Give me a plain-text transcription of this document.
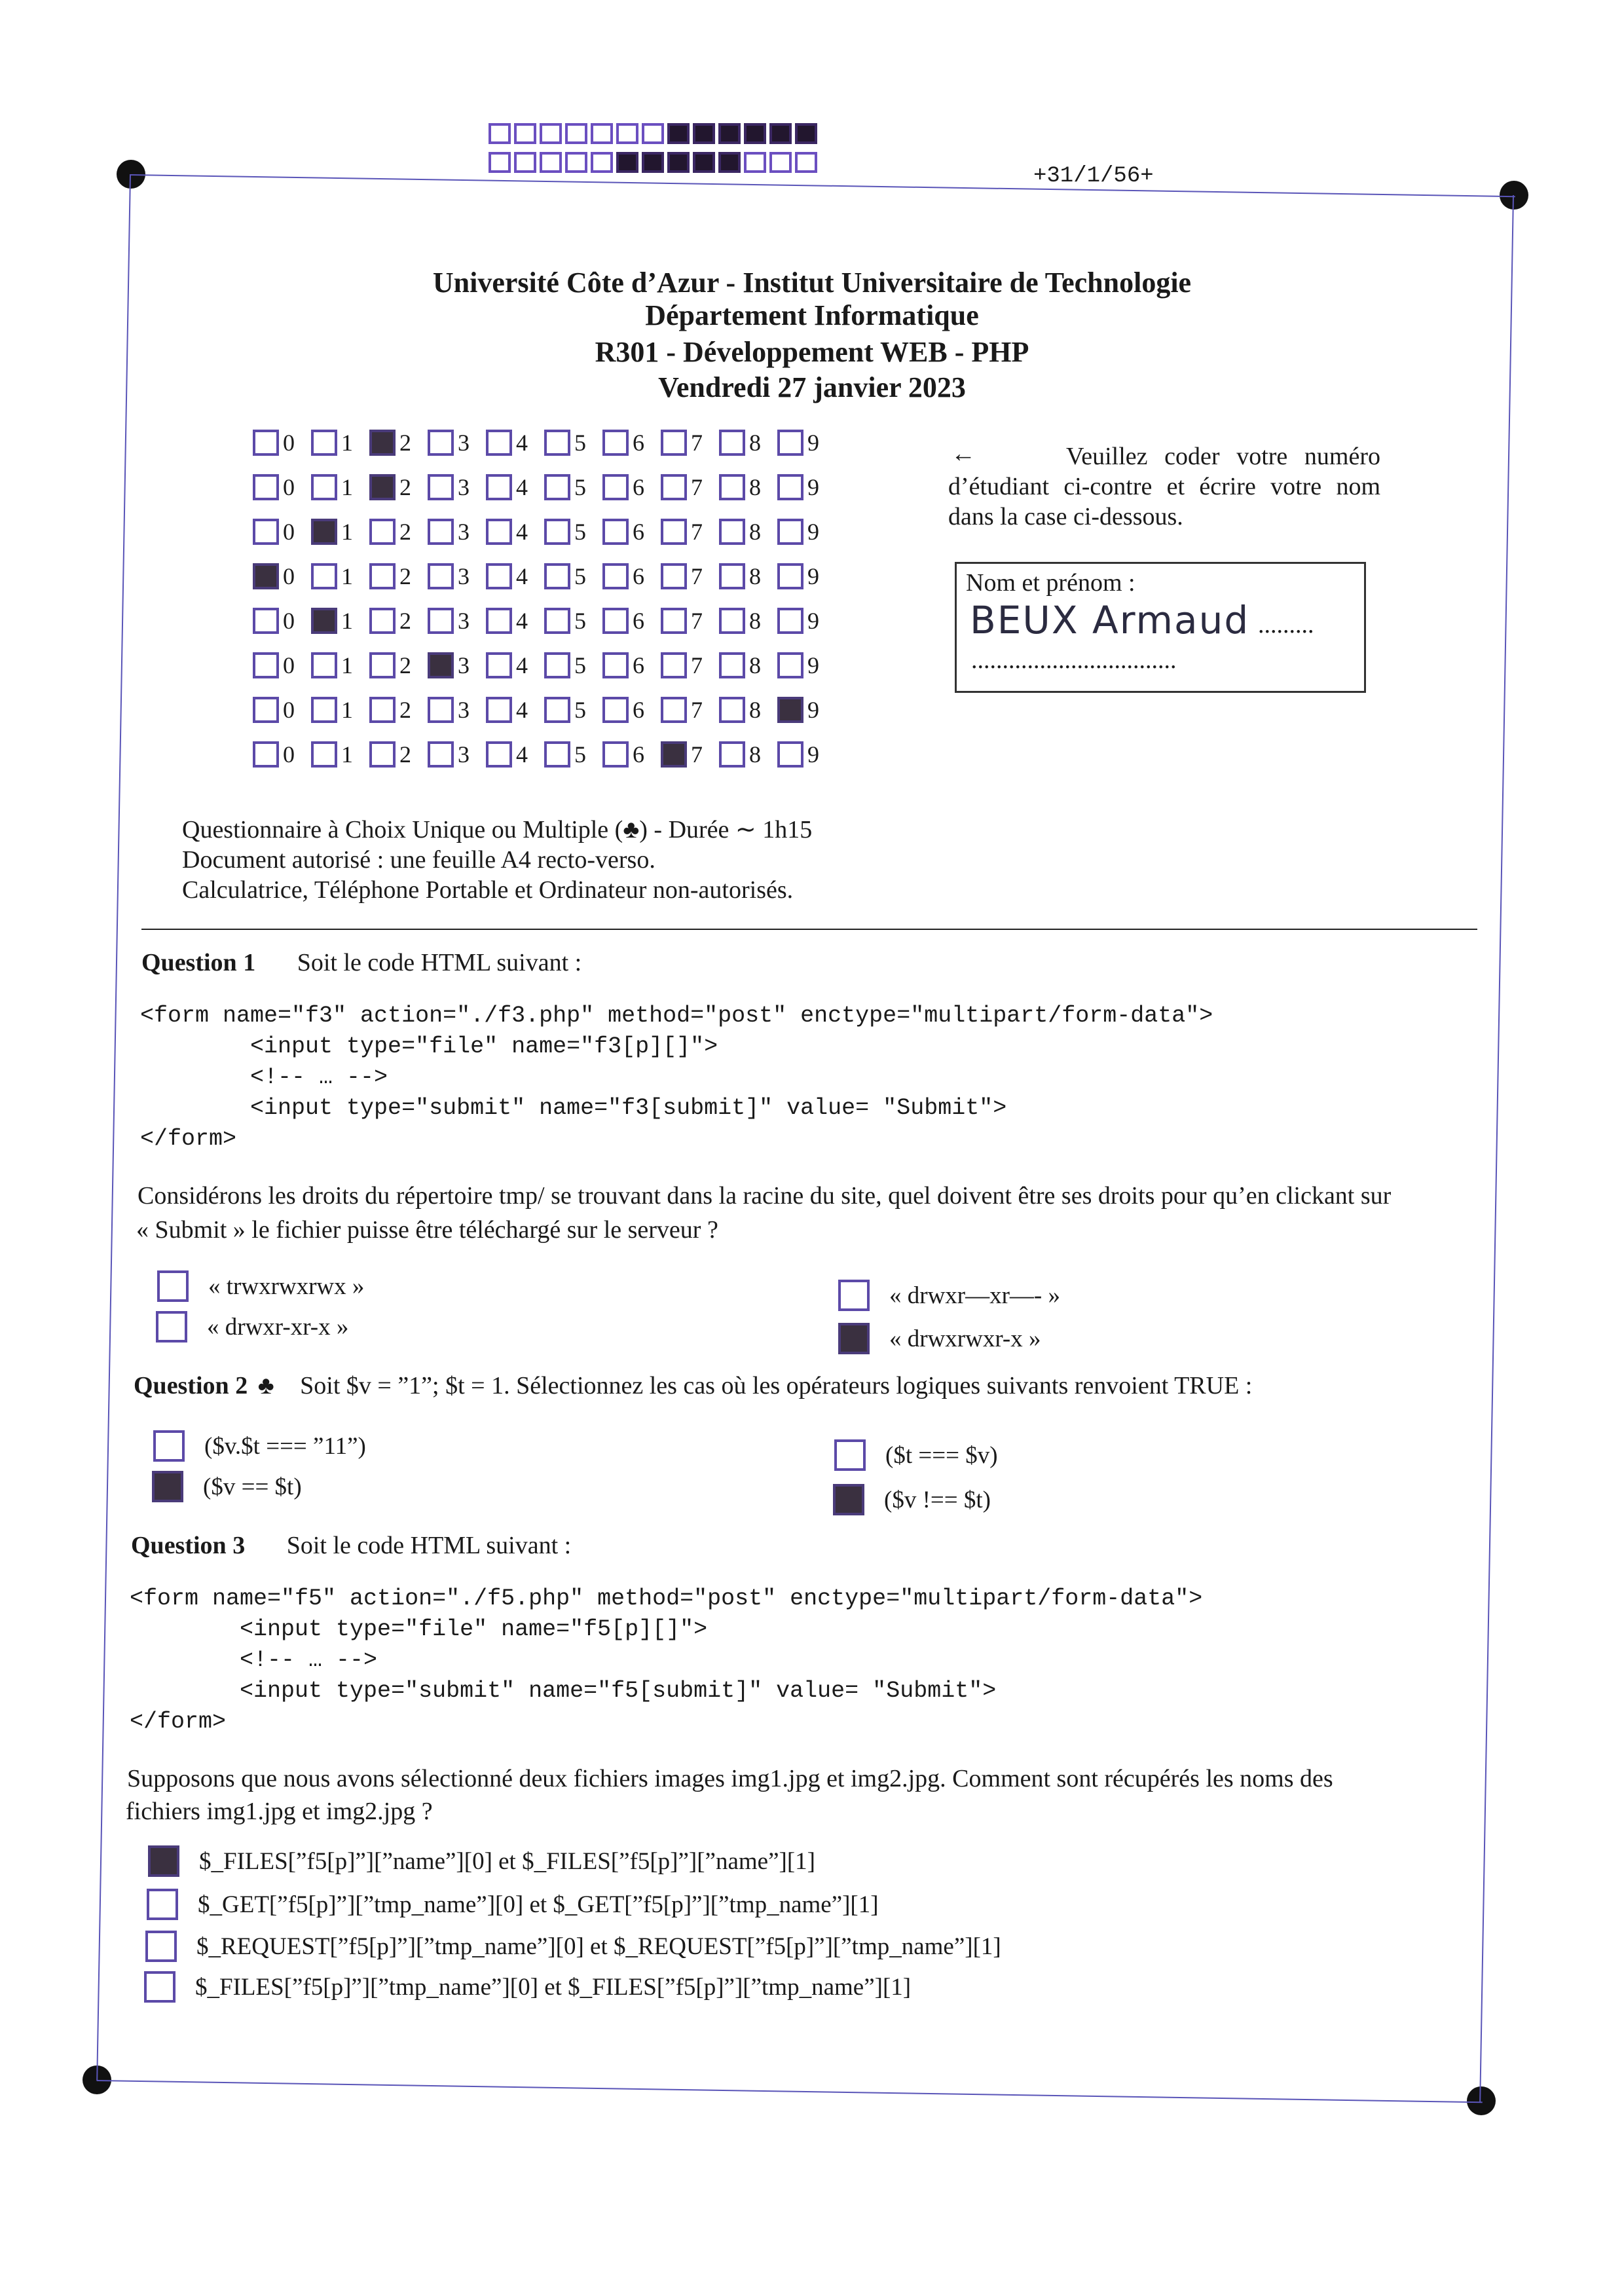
+31/1/56+
Université Côte d’Azur - Institut Universitaire de Technologie
Département Informatique
R301 - Développement WEB - PHP
Vendredi 27 janvier 2023
0 1 2 3 4 5 6 7 8 9
0 1 2 3 4 5 6 7 8 9
0 1 2 3 4 5 6 7 8 9
0 1 2 3 4 5 6 7 8 9
0 1 2 3 4 5 6 7 8 9
0 1 2 3 4 5 6 7 8 9
0 1 2 3 4 5 6 7 8 9
0 1 2 3 4 5 6 7 8 9
←	Veuillez coder votre numéro d’étudiant ci-contre et écrire votre nom dans la case ci-dessous.
Nom et prénom :
BEUX Armaud .........
.................................
Questionnaire à Choix Unique ou Multiple (♣) - Durée ∼ 1h15
Document autorisé : une feuille A4 recto-verso.
Calculatrice, Téléphone Portable et Ordinateur non-autorisés.
Question 1 Soit le code HTML suivant :
<form name="f3" action="./f3.php" method="post" enctype="multipart/form-data">
<input type="file" name="f3[p][]">
<!-- … -->
<input type="submit" name="f3[submit]" value= "Submit">
</form>
Considérons les droits du répertoire tmp/ se trouvant dans la racine du site, quel doivent être ses droits pour qu’en clickant sur
« Submit » le fichier puisse être téléchargé sur le serveur ?
« trwxrwxrwx »
« drwxr-xr-x »
« drwxr—xr—- »
« drwxrwxr-x »
Question 2 ♣ Soit $v = ”1”; $t = 1. Sélectionnez les cas où les opérateurs logiques suivants renvoient TRUE :
($v.$t === ”11”)
($v == $t)
($t === $v)
($v !== $t)
Question 3 Soit le code HTML suivant :
<form name="f5" action="./f5.php" method="post" enctype="multipart/form-data">
<input type="file" name="f5[p][]">
<!-- … -->
<input type="submit" name="f5[submit]" value= "Submit">
</form>
Supposons que nous avons sélectionné deux fichiers images img1.jpg et img2.jpg. Comment sont récupérés les noms des
fichiers img1.jpg et img2.jpg ?
$_FILES[”f5[p]”][”name”][0] et $_FILES[”f5[p]”][”name”][1]
$_GET[”f5[p]”][”tmp_name”][0] et $_GET[”f5[p]”][”tmp_name”][1]
$_REQUEST[”f5[p]”][”tmp_name”][0] et $_REQUEST[”f5[p]”][”tmp_name”][1]
$_FILES[”f5[p]”][”tmp_name”][0] et $_FILES[”f5[p]”][”tmp_name”][1]
